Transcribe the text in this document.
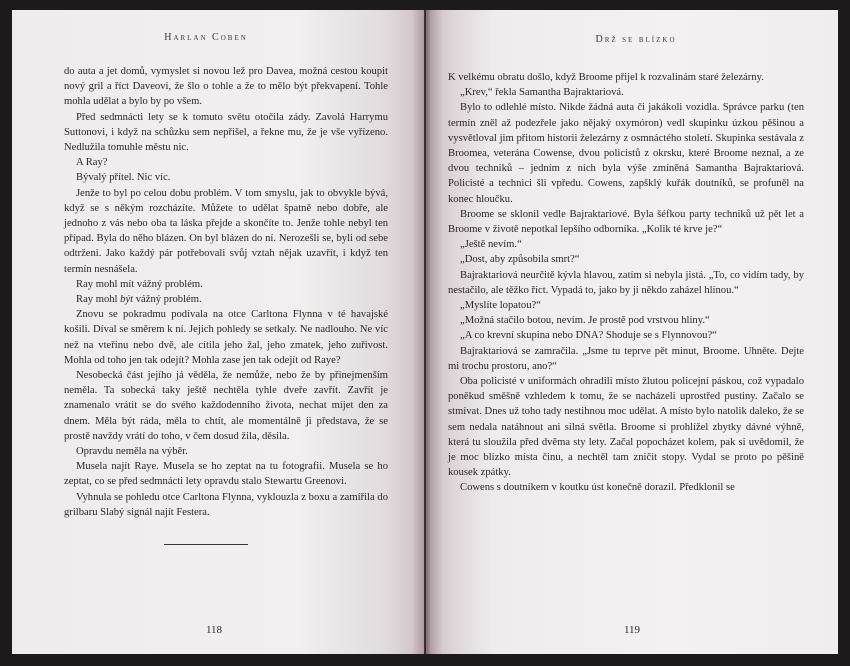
Harlan Coben

do auta a jet domů, vymyslet si novou lež pro Davea, možná cestou koupit nový gril a říct Daveovi, že šlo o tohle a že to mělo být překvapení. Tohle mohla udělat a bylo by po všem.

Před sedmnácti lety se k tomuto světu otočila zády. Zavolá Harrymu Suttonovi, i když na schůzku sem nepřišel, a řekne mu, že je vše vyřízeno. Nedlužila tomuhle městu nic.

A Ray?

Bývalý přítel. Nic víc.

Jenže to byl po celou dobu problém. V tom smyslu, jak to obvykle bývá, když se s někým rozcházíte. Můžete to udělat špatně nebo dobře, ale jednoho z vás nebo oba ta láska přejde a skončíte to. Jenže tohle nebyl ten případ. Byla do něho blázen. On byl blázen do ní. Nerozešli se, byli od sebe odtrženi. Jako každý pár potřebovali svůj vztah nějak uzavřít, i když ten termín nesnášela.

Ray mohl mít vážný problém.

Ray mohl být vážný problém.

Znovu se pokradmu podívala na otce Carltona Flynna v té havajské košili. Díval se směrem k ní. Jejich pohledy se setkaly. Ne nadlouho. Ne víc než na vteřinu nebo dvě, ale cítila jeho žal, jeho zmatek, jeho zuřivost. Mohla od toho jen tak odejít? Mohla zase jen tak odejít od Raye?

Nesobecká část jejího já věděla, že nemůže, nebo že by přinejmenším neměla. Ta sobecká taky ještě nechtěla tyhle dveře zavřít. Zavřít je znamenalo vrátit se do svého každodenního života, nechat míjet den za dnem. Měla být ráda, měla to chtít, ale momentálně ji představa, že se prostě navždy vrátí do toho, v čem dosud žila, děsila.

Opravdu neměla na výběr.

Musela najít Raye. Musela se ho zeptat na tu fotografii. Musela se ho zeptat, co se před sedmnácti lety opravdu stalo Stewartu Greenovi.

Vyhnula se pohledu otce Carltona Flynna, vyklouzla z boxu a zamířila do grilbaru Slabý signál najít Festera.

118
Drž se blízko

K velkému obratu došlo, když Broome přijel k rozvalinám staré železárny.

„Krev,“ řekla Samantha Bajraktariová.

Bylo to odlehlé místo. Nikde žádná auta či jakákoli vozidla. Správce parku (ten termín zněl až podezřele jako nějaký oxymóron) vedl skupinku úzkou pěšinou a vysvětloval jim přitom historii železárny z osmnáctého století. Skupinka sestávala z Broomea, veterána Cowense, dvou policistů z okrsku, které Broome neznal, a ze dvou techniků – jedním z nich byla výše zmíněná Samantha Bajraktariová. Policisté a technici šli vpředu. Cowens, zapšklý kuřák doutníků, se profuněl na konec hloučku.

Broome se sklonil vedle Bajraktariové. Byla šéfkou party techniků už pět let a Broome v životě nepotkal lepšího odborníka. „Kolik té krve je?“

„Ještě nevím.“

„Dost, aby způsobila smrt?“

Bajraktariová neurčitě kývla hlavou, zatím si nebyla jistá. „To, co vidím tady, by nestačilo, ale těžko říct. Vypadá to, jako by ji někdo zaházel hlínou.“

„Myslíte lopatou?“

„Možná stačilo botou, nevím. Je prostě pod vrstvou hlíny.“

„A co krevní skupina nebo DNA? Shoduje se s Flynnovou?“

Bajraktariová se zamračila. „Jsme tu teprve pět minut, Broome. Uhněte. Dejte mi trochu prostoru, ano?“

Oba policisté v uniformách ohradili místo žlutou policejní páskou, což vypadalo poněkud směšně vzhledem k tomu, že se nacházeli uprostřed pustiny. Začalo se stmívat. Dnes už toho tady nestihnou moc udělat. A místo bylo natolik daleko, že se sem nedala natáhnout ani silná světla. Broome si prohlížel zbytky dávné výhně, která tu sloužila před dvěma sty lety. Začal popocházet kolem, pak si uvědomil, že je moc blízko místa činu, a nechtěl tam zničit stopy. Vydal se proto po pěšině kousek zpátky.

Cowens s doutníkem v koutku úst konečně dorazil. Předklonil se

119
